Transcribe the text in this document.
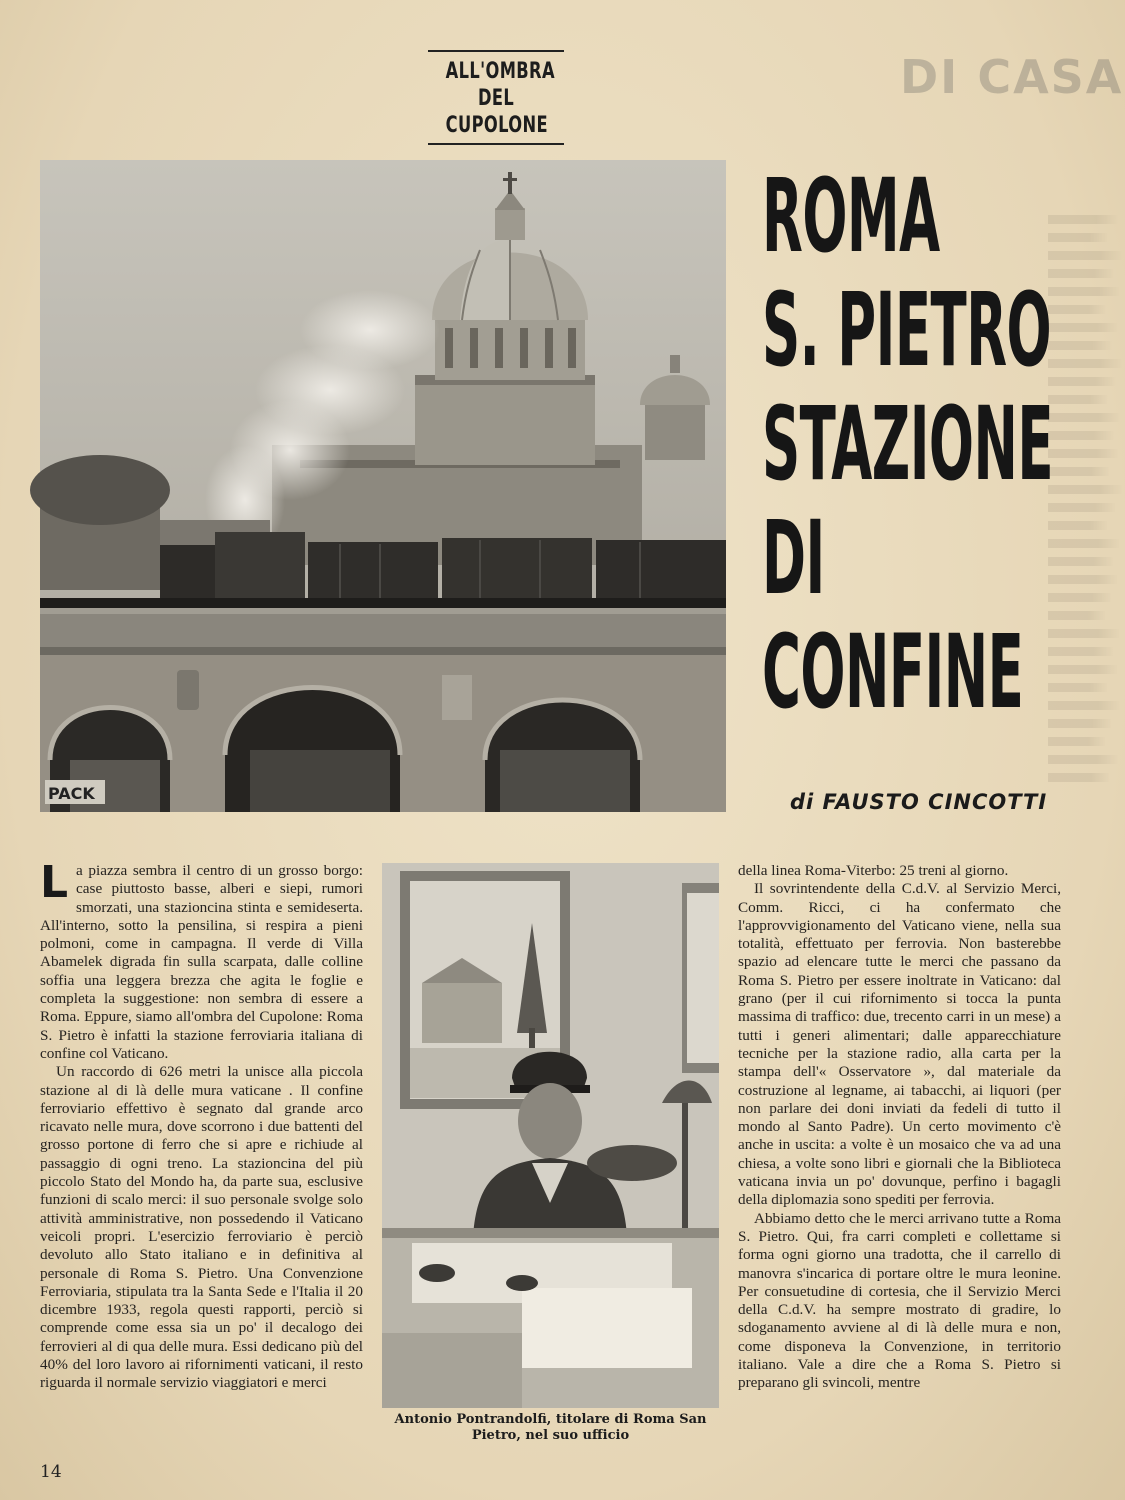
DI CASA
ALL'OMBRA
DEL
CUPOLONE
PACK
ROMA
S. PIETRO
STAZIONE
DI
CONFINE
di FAUSTO CINCOTTI

La piazza sembra il centro di un grosso borgo: case piuttosto basse, alberi e siepi, rumori smorzati, una stazioncina stinta e semideserta. All'interno, sotto la pensilina, si respira a pieni polmoni, come in campagna. Il verde di Villa Abamelek digrada fin sulla scarpata, dalle colline soffia una leggera brezza che agita le foglie e completa la suggestione: non sembra di essere a Roma. Eppure, siamo all'ombra del Cupolone: Roma S. Pietro è infatti la stazione ferroviaria italiana di confine col Vaticano.

Un raccordo di 626 metri la unisce alla piccola stazione al di là delle mura vaticane . Il confine ferroviario effettivo è segnato dal grande arco ricavato nelle mura, dove scorrono i due battenti del grosso portone di ferro che si apre e richiude al passaggio di ogni treno. La stazioncina del più piccolo Stato del Mondo ha, da parte sua, esclusive funzioni di scalo merci: il suo personale svolge solo attività amministrative, non possedendo il Vaticano veicoli propri. L'esercizio ferroviario è perciò devoluto allo Stato italiano e in definitiva al personale di Roma S. Pietro. Una Convenzione Ferroviaria, stipulata tra la Santa Sede e l'Italia il 20 dicembre 1933, regola questi rapporti, perciò si comprende come essa sia un po' il decalogo dei ferrovieri al di qua delle mura. Essi dedicano più del 40% del loro lavoro ai rifornimenti vaticani, il resto riguarda il normale servizio viaggiatori e merci

Antonio Pontrandolfi, titolare di Roma San Pietro, nel suo ufficio

della linea Roma-Viterbo: 25 treni al giorno.

Il sovrintendente della C.d.V. al Servizio Merci, Comm. Ricci, ci ha confermato che l'approvvigionamento del Vaticano viene, nella sua totalità, effettuato per ferrovia. Non basterebbe spazio ad elencare tutte le merci che passano da Roma S. Pietro per essere inoltrate in Vaticano: dal grano (per il cui rifornimento si tocca la punta massima di traffico: due, trecento carri in un mese) a tutti i generi alimentari; dalle apparecchiature tecniche per la stazione radio, alla carta per la stampa dell'« Osservatore », dal materiale da costruzione al legname, ai tabacchi, ai liquori (per non parlare dei doni inviati da fedeli di tutto il mondo al Santo Padre). Un certo movimento c'è anche in uscita: a volte è un mosaico che va ad una chiesa, a volte sono libri e giornali che la Biblioteca vaticana invia un po' dovunque, perfino i bagagli della diplomazia sono spediti per ferrovia.

Abbiamo detto che le merci arrivano tutte a Roma S. Pietro. Qui, fra carri completi e collettame si forma ogni giorno una tradotta, che il carrello di manovra s'incarica di portare oltre le mura leonine. Per consuetudine di cortesia, che il Servizio Merci della C.d.V. ha sempre mostrato di gradire, lo sdoganamento avviene al di là delle mura e non, come disponeva la Convenzione, in territorio italiano. Vale a dire che a Roma S. Pietro si preparano gli svincoli, mentre

14
